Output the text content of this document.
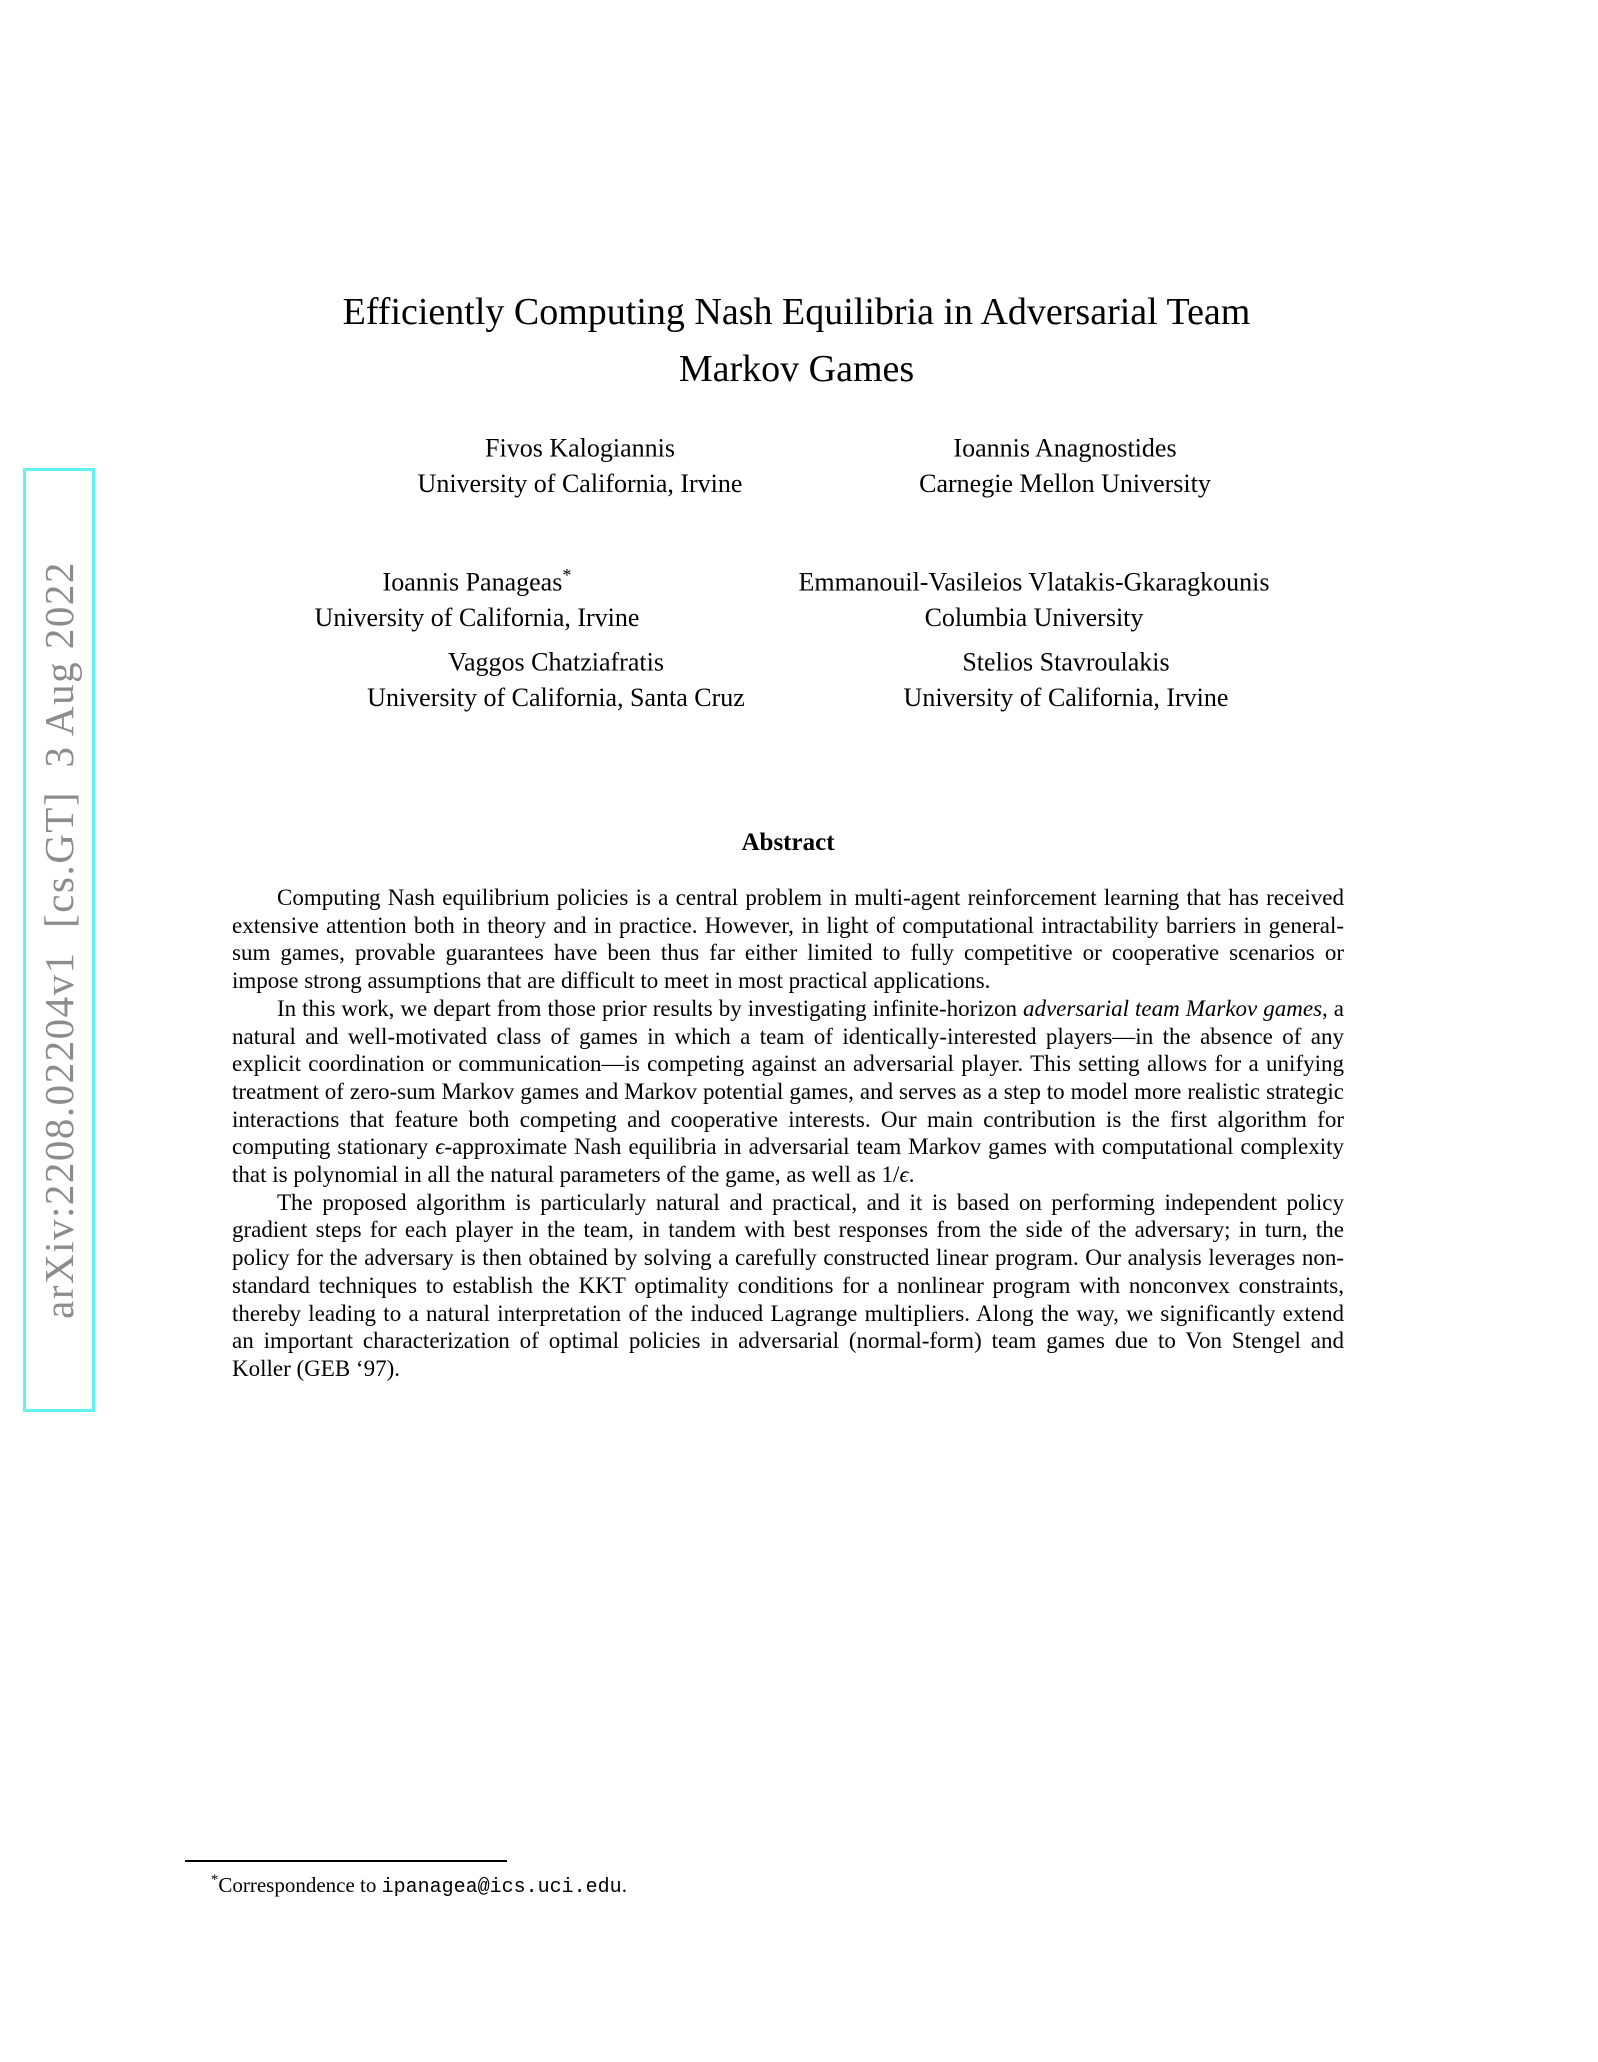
arXiv:2208.02204v1  [cs.GT]  3 Aug 2022
Efficiently Computing Nash Equilibria in Adversarial Team
Markov Games
Fivos Kalogiannis
University of California, Irvine
Ioannis Anagnostides
Carnegie Mellon University
Ioannis Panageas*
University of California, Irvine
Emmanouil-Vasileios Vlatakis-Gkaragkounis
Columbia University
Vaggos Chatziafratis
University of California, Santa Cruz
Stelios Stavroulakis
University of California, Irvine
Abstract

Computing Nash equilibrium policies is a central problem in multi-agent reinforcement learning that has received extensive attention both in theory and in practice. However, in light of computational intractability barriers in general-sum games, provable guarantees have been thus far either limited to fully competitive or cooperative scenarios or impose strong assumptions that are difficult to meet in most practical applications.

In this work, we depart from those prior results by investigating infinite-horizon adversarial team Markov games, a natural and well-motivated class of games in which a team of identically-interested players—in the absence of any explicit coordination or communication—is competing against an adversarial player. This setting allows for a unifying treatment of zero-sum Markov games and Markov potential games, and serves as a step to model more realistic strategic interactions that feature both competing and cooperative interests. Our main contribution is the first algorithm for computing stationary ϵ-approximate Nash equilibria in adversarial team Markov games with computational complexity that is polynomial in all the natural parameters of the game, as well as 1/ϵ.

The proposed algorithm is particularly natural and practical, and it is based on performing independent policy gradient steps for each player in the team, in tandem with best responses from the side of the adversary; in turn, the policy for the adversary is then obtained by solving a carefully constructed linear program. Our analysis leverages non-standard techniques to establish the KKT optimality conditions for a nonlinear program with nonconvex constraints, thereby leading to a natural interpretation of the induced Lagrange multipliers. Along the way, we significantly extend an important characterization of optimal policies in adversarial (normal-form) team games due to Von Stengel and Koller (GEB ‘97).

*Correspondence to ipanagea@ics.uci.edu.
